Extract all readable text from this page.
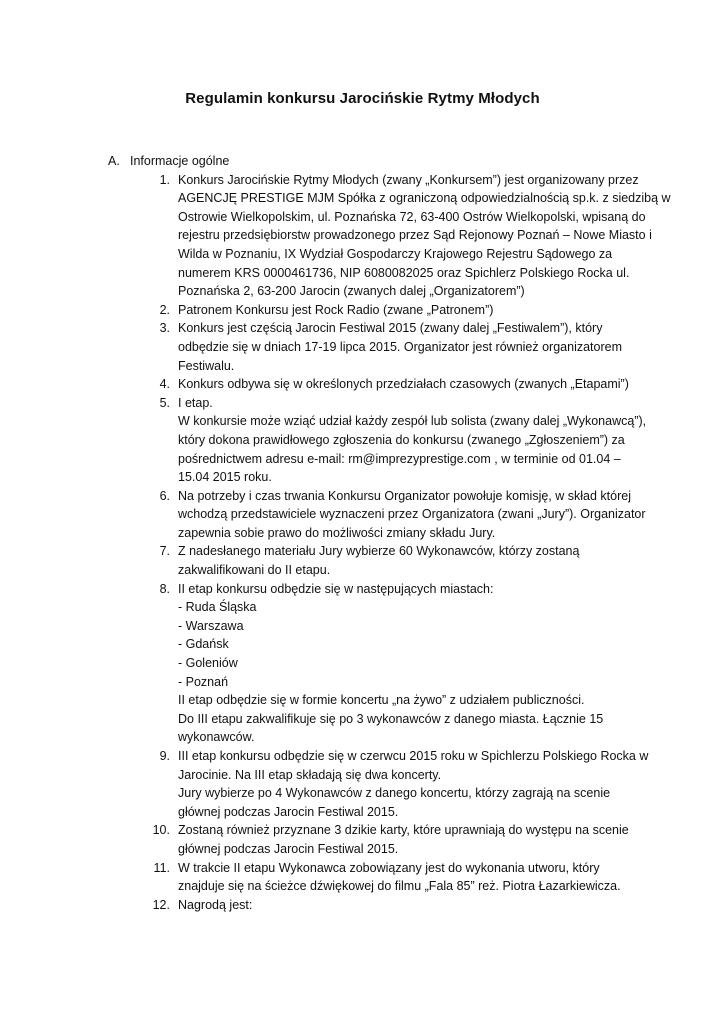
Regulamin konkursu Jarocińskie Rytmy Młodych
A. Informacje ogólne
1. Konkurs Jarocińskie Rytmy Młodych (zwany „Konkursem”) jest organizowany przez
AGENCJĘ PRESTIGE MJM Spółka z ograniczoną odpowiedzialnością sp.k. z siedzibą w
Ostrowie Wielkopolskim, ul. Poznańska 72, 63-400 Ostrów Wielkopolski, wpisaną do
rejestru przedsiębiorstw prowadzonego przez Sąd Rejonowy Poznań – Nowe Miasto i
Wilda w Poznaniu, IX Wydział Gospodarczy Krajowego Rejestru Sądowego za
numerem KRS 0000461736, NIP 6080082025 oraz Spichlerz Polskiego Rocka ul.
Poznańska 2, 63-200 Jarocin (zwanych dalej „Organizatorem”)
2. Patronem Konkursu jest Rock Radio (zwane „Patronem”)
3. Konkurs jest częścią Jarocin Festiwal 2015 (zwany dalej „Festiwalem”), który
odbędzie się w dniach 17-19 lipca 2015. Organizator jest również organizatorem
Festiwalu.
4. Konkurs odbywa się w określonych przedziałach czasowych (zwanych „Etapami”)
5. I etap.
W konkursie może wziąć udział każdy zespół lub solista (zwany dalej „Wykonawcą”),
który dokona prawidłowego zgłoszenia do konkursu (zwanego „Zgłoszeniem”) za
pośrednictwem adresu e-mail: rm@imprezyprestige.com , w terminie od 01.04 –
15.04 2015 roku.
6. Na potrzeby i czas trwania Konkursu Organizator powołuje komisję, w skład której
wchodzą przedstawiciele wyznaczeni przez Organizatora (zwani „Jury”). Organizator
zapewnia sobie prawo do możliwości zmiany składu Jury.
7. Z nadesłanego materiału Jury wybierze 60 Wykonawców, którzy zostaną
zakwalifikowani do II etapu.
8. II etap konkursu odbędzie się w następujących miastach:
- Ruda Śląska
- Warszawa
- Gdańsk
- Goleniów
- Poznań
II etap odbędzie się w formie koncertu „na żywo” z udziałem publiczności.
Do III etapu zakwalifikuje się po 3 wykonawców z danego miasta. Łącznie 15
wykonawców.
9. III etap konkursu odbędzie się w czerwcu 2015 roku w Spichlerzu Polskiego Rocka w
Jarocinie. Na III etap składają się dwa koncerty.
Jury wybierze po 4 Wykonawców z danego koncertu, którzy zagrają na scenie
głównej podczas Jarocin Festiwal 2015.
10. Zostaną również przyznane 3 dzikie karty, które uprawniają do występu na scenie
głównej podczas Jarocin Festiwal 2015.
11. W trakcie II etapu Wykonawca zobowiązany jest do wykonania utworu, który
znajduje się na ścieżce dźwiękowej do filmu „Fala 85” reż. Piotra Łazarkiewicza.
12. Nagrodą jest:
